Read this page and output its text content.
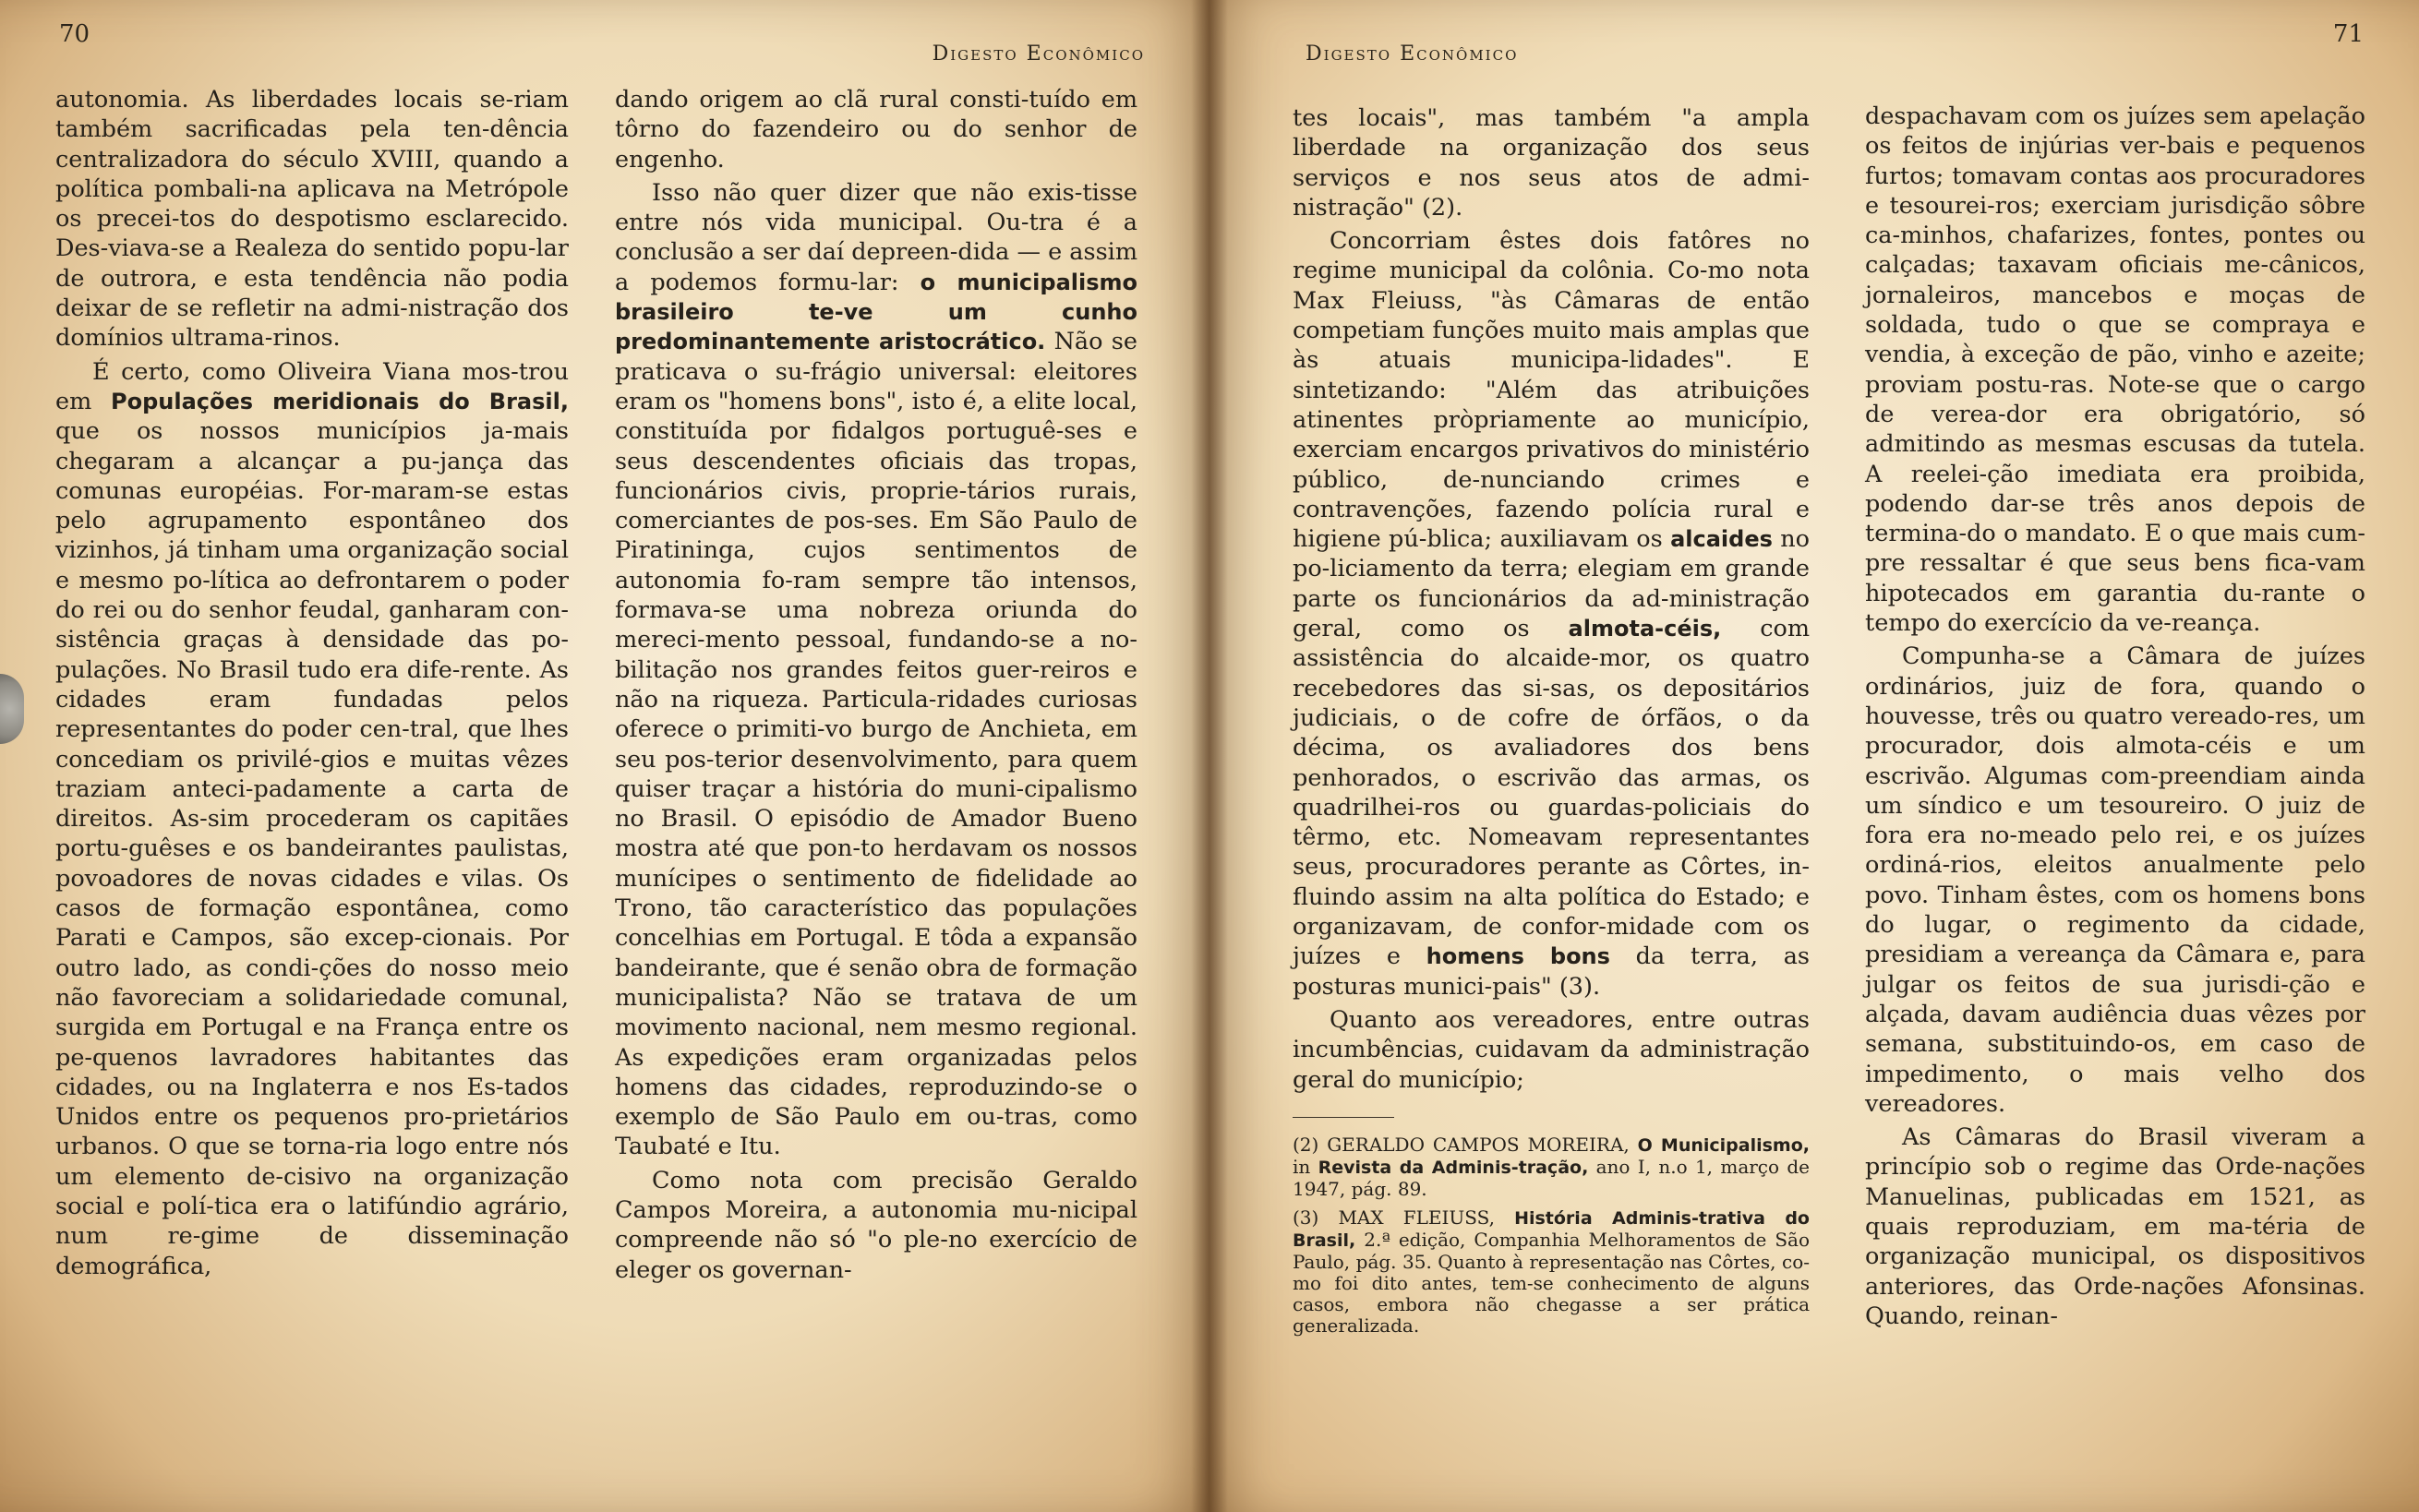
70
Digesto Econômico

autonomia. As liberdades locais se-riam também sacrificadas pela ten-dência centralizadora do século XVIII, quando a política pombali-na aplicava na Metrópole os precei-tos do despotismo esclarecido. Des-viava-se a Realeza do sentido popu-lar de outrora, e esta tendência não podia deixar de se refletir na admi-nistração dos domínios ultrama-rinos.

É certo, como Oliveira Viana mos-trou em Populações meridionais do Brasil, que os nossos municípios ja-mais chegaram a alcançar a pu-jança das comunas européias. For-maram-se estas pelo agrupamento espontâneo dos vizinhos, já tinham uma organização social e mesmo po-lítica ao defrontarem o poder do rei ou do senhor feudal, ganharam con-sistência graças à densidade das po-pulações. No Brasil tudo era dife-rente. As cidades eram fundadas pelos representantes do poder cen-tral, que lhes concediam os privilé-gios e muitas vêzes traziam anteci-padamente a carta de direitos. As-sim procederam os capitães portu-guêses e os bandeirantes paulistas, povoadores de novas cidades e vilas. Os casos de formação espontânea, como Parati e Campos, são excep-cionais. Por outro lado, as condi-ções do nosso meio não favoreciam a solidariedade comunal, surgida em Portugal e na França entre os pe-quenos lavradores habitantes das cidades, ou na Inglaterra e nos Es-tados Unidos entre os pequenos pro-prietários urbanos. O que se torna-ria logo entre nós um elemento de-cisivo na organização social e polí-tica era o latifúndio agrário, num re-gime de disseminação demográfica,

dando origem ao clã rural consti-tuído em tôrno do fazendeiro ou do senhor de engenho.

Isso não quer dizer que não exis-tisse entre nós vida municipal. Ou-tra é a conclusão a ser daí depreen-dida — e assim a podemos formu-lar: o municipalismo brasileiro te-ve um cunho predominantemente aristocrático. Não se praticava o su-frágio universal: eleitores eram os "homens bons", isto é, a elite local, constituída por fidalgos portuguê-ses e seus descendentes oficiais das tropas, funcionários civis, proprie-tários rurais, comerciantes de pos-ses. Em São Paulo de Piratininga, cujos sentimentos de autonomia fo-ram sempre tão intensos, formava-se uma nobreza oriunda do mereci-mento pessoal, fundando-se a no-bilitação nos grandes feitos guer-reiros e não na riqueza. Particula-ridades curiosas oferece o primiti-vo burgo de Anchieta, em seu pos-terior desenvolvimento, para quem quiser traçar a história do muni-cipalismo no Brasil. O episódio de Amador Bueno mostra até que pon-to herdavam os nossos munícipes o sentimento de fidelidade ao Trono, tão característico das populações concelhias em Portugal. E tôda a expansão bandeirante, que é senão obra de formação municipalista? Não se tratava de um movimento nacional, nem mesmo regional. As expedições eram organizadas pelos homens das cidades, reproduzindo-se o exemplo de São Paulo em ou-tras, como Taubaté e Itu.

Como nota com precisão Geraldo Campos Moreira, a autonomia mu-nicipal compreende não só "o ple-no exercício de eleger os governan-

71
Digesto Econômico

tes locais", mas também "a ampla liberdade na organização dos seus serviços e nos seus atos de admi-nistração" (2).

Concorriam êstes dois fatôres no regime municipal da colônia. Co-mo nota Max Fleiuss, "às Câmaras de então competiam funções muito mais amplas que às atuais municipa-lidades". E sintetizando: "Além das atribuições atinentes pròpriamente ao município, exerciam encargos privativos do ministério público, de-nunciando crimes e contravenções, fazendo polícia rural e higiene pú-blica; auxiliavam os alcaides no po-liciamento da terra; elegiam em grande parte os funcionários da ad-ministração geral, como os almota-céis, com assistência do alcaide-mor, os quatro recebedores das si-sas, os depositários judiciais, o de cofre de órfãos, o da décima, os avaliadores dos bens penhorados, o escrivão das armas, os quadrilhei-ros ou guardas-policiais do têrmo, etc. Nomeavam representantes seus, procuradores perante as Côrtes, in-fluindo assim na alta política do Estado; e organizavam, de confor-midade com os juízes e homens bons da terra, as posturas munici-pais" (3).

Quanto aos vereadores, entre outras incumbências, cuidavam da administração geral do município;

(2) GERALDO CAMPOS MOREIRA, O Municipalismo, in Revista da Adminis-tração, ano I, n.o 1, março de 1947, pág. 89.

(3) MAX FLEIUSS, História Adminis-trativa do Brasil, 2.ª edição, Companhia Melhoramentos de São Paulo, pág. 35. Quanto à representação nas Côrtes, co-mo foi dito antes, tem-se conhecimento de alguns casos, embora não chegasse a ser prática generalizada.

despachavam com os juízes sem apelação os feitos de injúrias ver-bais e pequenos furtos; tomavam contas aos procuradores e tesourei-ros; exerciam jurisdição sôbre ca-minhos, chafarizes, fontes, pontes ou calçadas; taxavam oficiais me-cânicos, jornaleiros, mancebos e moças de soldada, tudo o que se compraya e vendia, à exceção de pão, vinho e azeite; proviam postu-ras. Note-se que o cargo de verea-dor era obrigatório, só admitindo as mesmas escusas da tutela. A reelei-ção imediata era proibida, podendo dar-se três anos depois de termina-do o mandato. E o que mais cum-pre ressaltar é que seus bens fica-vam hipotecados em garantia du-rante o tempo do exercício da ve-reança.

Compunha-se a Câmara de juízes ordinários, juiz de fora, quando o houvesse, três ou quatro vereado-res, um procurador, dois almota-céis e um escrivão. Algumas com-preendiam ainda um síndico e um tesoureiro. O juiz de fora era no-meado pelo rei, e os juízes ordiná-rios, eleitos anualmente pelo povo. Tinham êstes, com os homens bons do lugar, o regimento da cidade, presidiam a vereança da Câmara e, para julgar os feitos de sua jurisdi-ção e alçada, davam audiência duas vêzes por semana, substituindo-os, em caso de impedimento, o mais velho dos vereadores.

As Câmaras do Brasil viveram a princípio sob o regime das Orde-nações Manuelinas, publicadas em 1521, as quais reproduziam, em ma-téria de organização municipal, os dispositivos anteriores, das Orde-nações Afonsinas. Quando, reinan-
